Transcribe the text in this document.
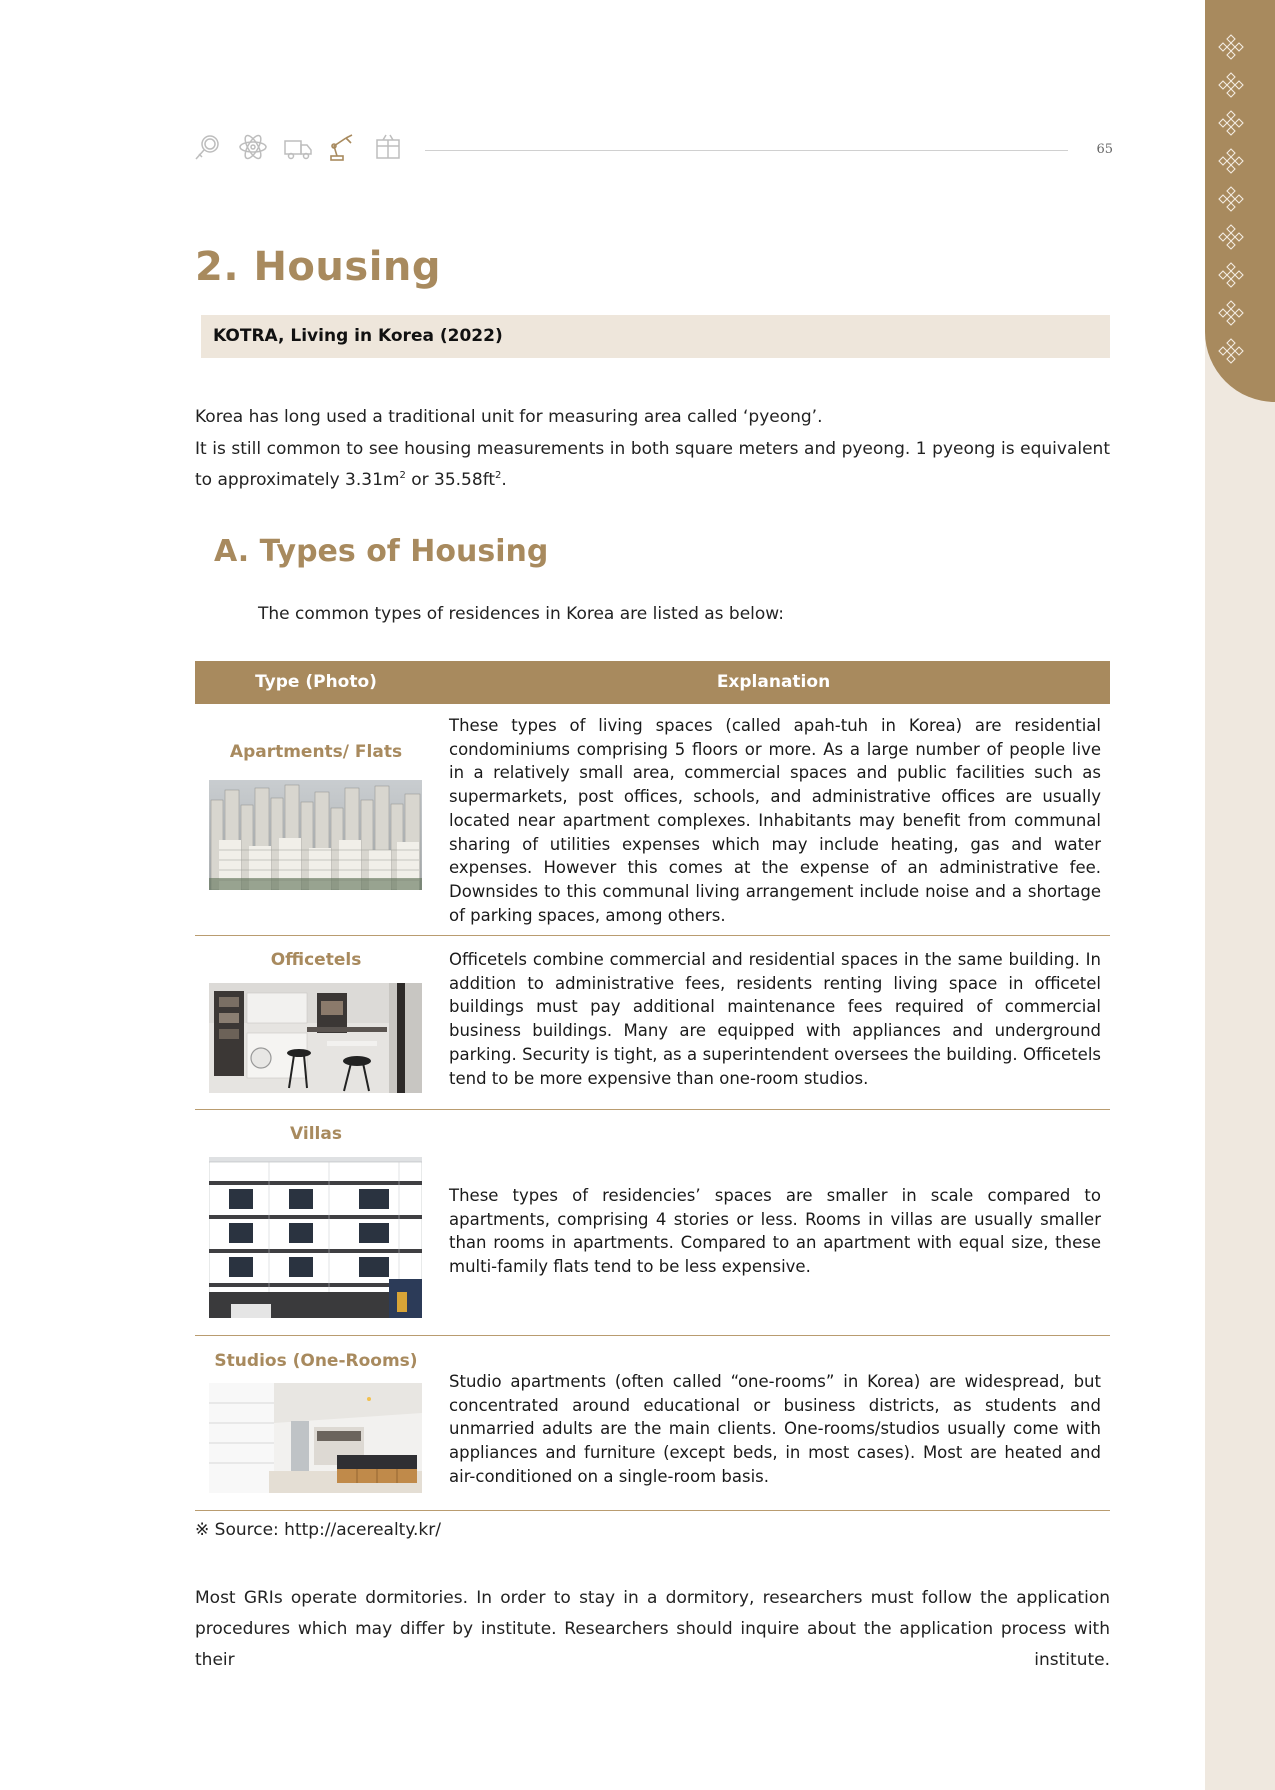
65
2. Housing
KOTRA, Living in Korea (2022)

Korea has long used a traditional unit for measuring area called ‘pyeong’.

It is still common to see housing measurements in both square meters and pyeong. 1 pyeong is equivalent to approximately $3.31m^2$ or $35.58ft^2$.

A. Types of Housing
The common types of residences in Korea are listed as below:
Type (Photo)	Explanation
Apartments/ Flats
These types of living spaces (called apah-tuh in Korea) are residential condominiums comprising 5 floors or more. As a large number of people live in a relatively small area, commercial spaces and public facilities such as supermarkets, post offices, schools, and administrative offices are usually located near apartment complexes. Inhabitants may benefit from communal sharing of utilities expenses which may include heating, gas and water expenses. However this comes at the expense of an administrative fee. Downsides to this communal living arrangement include noise and a shortage of parking spaces, among others.
Officetels	Officetels combine commercial and residential spaces in the same building. In addition to administrative fees, residents renting living space in officetel buildings must pay additional maintenance fees required of commercial business buildings. Many are equipped with appliances and underground parking. Security is tight, as a superintendent oversees the building. Officetels tend to be more expensive than one-room studios.
Villas
These types of residencies’ spaces are smaller in scale compared to apartments, comprising 4 stories or less. Rooms in villas are usually smaller than rooms in apartments. Compared to an apartment with equal size, these multi-family flats tend to be less expensive.
Studios (One-Rooms)
Studio apartments (often called “one-rooms” in Korea) are widespread, but concentrated around educational or business districts, as students and unmarried adults are the main clients. One-rooms/studios usually come with appliances and furniture (except beds, in most cases). Most are heated and air-conditioned on a single-room basis.
※ Source: http://acerealty.kr/
Most GRIs operate dormitories. In order to stay in a dormitory, researchers must follow the application procedures which may differ by institute. Researchers should inquire about the application process with their institute.
